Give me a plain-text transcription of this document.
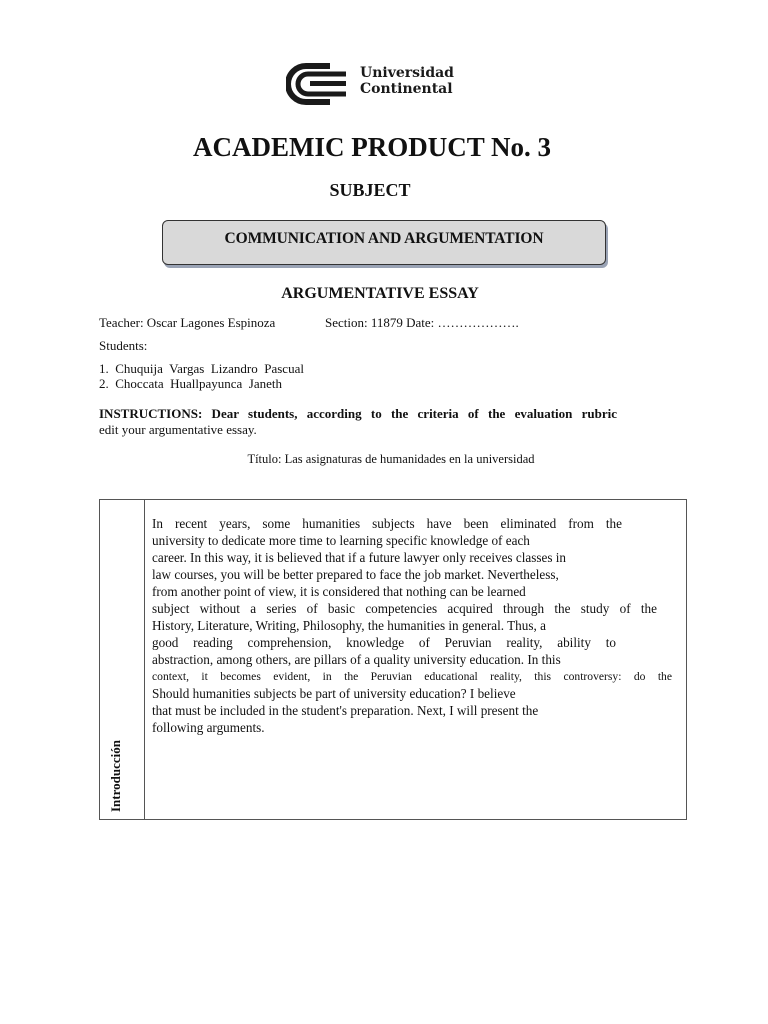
Universidad
Continental
ACADEMIC PRODUCT No. 3
SUBJECT
COMMUNICATION AND ARGUMENTATION
ARGUMENTATIVE ESSAY
Teacher: Oscar Lagones Espinoza	Section: 11879 Date: ……………….
Students:
1.  Chuquija  Vargas  Lizandro  Pascual
2.  Choccata  Huallpayunca  Janeth
INSTRUCTIONS: Dear students, according to the criteria of the evaluation rubric
edit your argumentative essay.
Título: Las asignaturas de humanidades en la universidad
Introducción
In recent years, some humanities subjects have been eliminated from the
university to dedicate more time to learning specific knowledge of each
career. In this way, it is believed that if a future lawyer only receives classes in
law courses, you will be better prepared to face the job market. Nevertheless,
from another point of view, it is considered that nothing can be learned
subject without a series of basic competencies acquired through the study of the
History, Literature, Writing, Philosophy, the humanities in general. Thus, a
good reading comprehension, knowledge of Peruvian reality, ability to
abstraction, among others, are pillars of a quality university education. In this
context, it becomes evident, in the Peruvian educational reality, this controversy: do the
Should humanities subjects be part of university education? I believe
that must be included in the student's preparation. Next, I will present the
following arguments.
